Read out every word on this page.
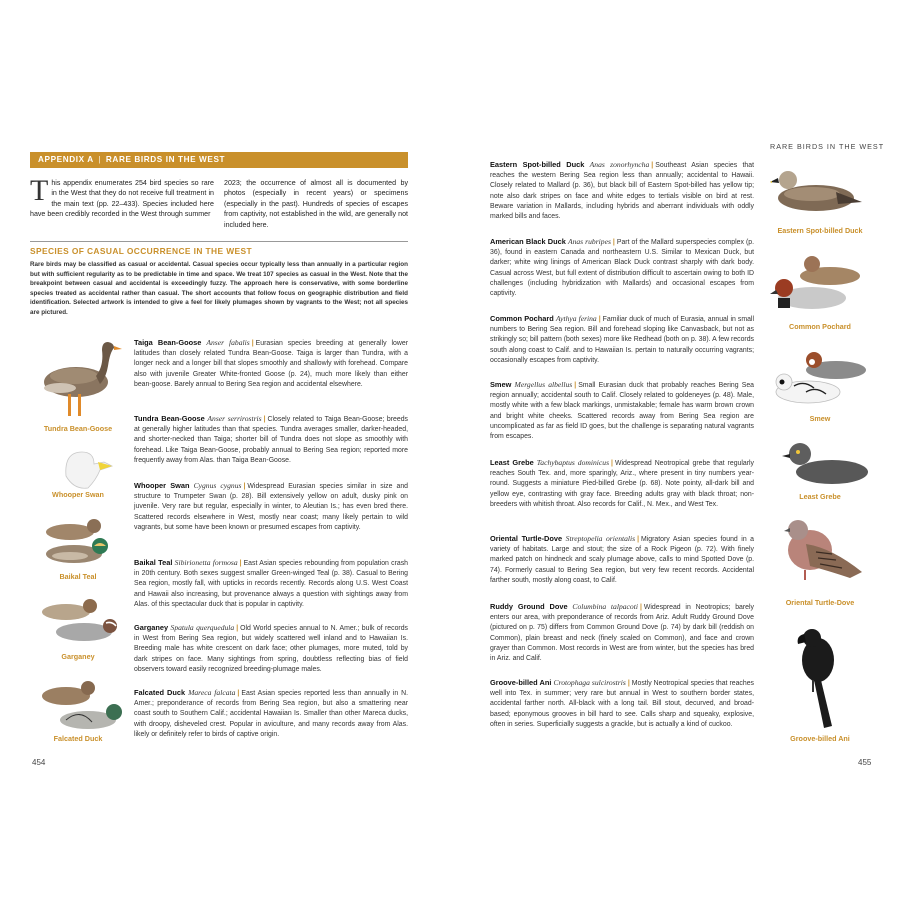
APPENDIX A | RARE BIRDS IN THE WEST
This appendix enumerates 254 bird species so rare in the West that they do not receive full treatment in the main text (pp. 22–433). Species included here have been credibly recorded in the West through summer
2023; the occurrence of almost all is documented by photos (especially in recent years) or specimens (especially in the past). Hundreds of species of escapes from captivity, not established in the wild, are generally not included here.
SPECIES OF CASUAL OCCURRENCE IN THE WEST
Rare birds may be classified as casual or accidental. Casual species occur typically less than annually in a particular region but with sufficient regularity as to be predictable in time and space. We treat 107 species as casual in the West. Note that the breakpoint between casual and accidental is exceedingly fuzzy. The approach here is conservative, with some borderline species treated as accidental rather than casual. The short accounts that follow focus on geographic distribution and field identification. Selected artwork is intended to give a feel for likely plumages shown by vagrants to the West; not all species are pictured.
Taiga Bean-Goose Anser fabalis | Eurasian species breeding at generally lower latitudes than closely related Tundra Bean-Goose. Taiga is larger than Tundra, with a longer neck and a longer bill that slopes smoothly and shallowly with forehead. Compare also with juvenile Greater White-fronted Goose (p. 24), much more likely than either bean-goose. Barely annual to Bering Sea region and accidental elsewhere.
Tundra Bean-Goose Anser serrirostris | Closely related to Taiga Bean-Goose; breeds at generally higher latitudes than that species. Tundra averages smaller, darker-headed, and shorter-necked than Taiga; shorter bill of Tundra does not slope as smoothly with forehead. Like Taiga Bean-Goose, probably annual to Bering Sea region; reported more frequently away from Alas. than Taiga Bean-Goose.
Whooper Swan Cygnus cygnus | Widespread Eurasian species similar in size and structure to Trumpeter Swan (p. 28). Bill extensively yellow on adult, dusky pink on juvenile. Very rare but regular, especially in winter, to Aleutian Is.; has even bred there. Scattered records elsewhere in West, mostly near coast; many likely pertain to wild vagrants, but some have been known or presumed escapes from captivity.
Baikal Teal Sibirionetta formosa | East Asian species rebounding from population crash in 20th century. Both sexes suggest smaller Green-winged Teal (p. 38). Casual to Bering Sea region, mostly fall, with upticks in records recently. Records along U.S. West Coast and Hawaii also increasing, but provenance always a question with sightings away from Alas. of this spectacular duck that is popular in captivity.
Garganey Spatula querquedula | Old World species annual to N. Amer.; bulk of records in West from Bering Sea region, but widely scattered well inland and to Hawaiian Is. Breeding male has white crescent on dark face; other plumages, more muted, told by dark stripes on face. Many sightings from spring, doubtless reflecting bias of field observers toward easily recognized breeding-plumage males.
Falcated Duck Mareca falcata | East Asian species reported less than annually in N. Amer.; preponderance of records from Bering Sea region, but also a smattering near coast south to Southern Calif.; accidental Hawaiian Is. Smaller than other Mareca ducks, with droopy, disheveled crest. Popular in aviculture, and many records away from Alas. likely or definitely refer to birds of captive origin.
Tundra Bean-Goose
Whooper Swan
Baikal Teal
Garganey
Falcated Duck
454
RARE BIRDS IN THE WEST
Eastern Spot-billed Duck Anas zonorhyncha | Southeast Asian species that reaches the western Bering Sea region less than annually; accidental to Hawaii. Closely related to Mallard (p. 36), but black bill of Eastern Spot-billed has yellow tip; note also dark stripes on face and white edges to tertials visible on bird at rest. Beware variation in Mallards, including hybrids and aberrant individuals with oddly marked bills and faces.
American Black Duck Anas rubripes | Part of the Mallard superspecies complex (p. 36), found in eastern Canada and northeastern U.S. Similar to Mexican Duck, but darker; white wing linings of American Black Duck contrast sharply with dark body. Casual across West, but full extent of distribution difficult to ascertain owing to both ID challenges (including hybridization with Mallards) and occasional escapes from captivity.
Common Pochard Aythya ferina | Familiar duck of much of Eurasia, annual in small numbers to Bering Sea region. Bill and forehead sloping like Canvasback, but not as strikingly so; bill pattern (both sexes) more like Redhead (both on p. 38). A few records south along coast to Calif. and to Hawaiian Is. pertain to naturally occurring vagrants; occasionally escapes from captivity.
Smew Mergellus albellus | Small Eurasian duck that probably reaches Bering Sea region annually; accidental south to Calif. Closely related to goldeneyes (p. 48). Male, mostly white with a few black markings, unmistakable; female has warm brown crown and bright white cheeks. Scattered records away from Bering Sea region are uncomplicated as far as field ID goes, but the challenge is separating natural vagrants from escapes.
Least Grebe Tachybaptus dominicus | Widespread Neotropical grebe that regularly reaches South Tex. and, more sparingly, Ariz., where present in tiny numbers year-round. Suggests a miniature Pied-billed Grebe (p. 68). Note pointy, all-dark bill and yellow eye, contrasting with gray face. Breeding adults gray with black throat; non-breeders with whitish throat. Also records for Calif., N. Mex., and West Tex.
Oriental Turtle-Dove Streptopelia orientalis | Migratory Asian species found in a variety of habitats. Large and stout; the size of a Rock Pigeon (p. 72). With finely marked patch on hindneck and scaly plumage above, calls to mind Spotted Dove (p. 74). Formerly casual to Bering Sea region, but very few recent records. Accidental farther south, mostly along coast, to Calif.
Ruddy Ground Dove Columbina talpacoti | Widespread in Neotropics; barely enters our area, with preponderance of records from Ariz. Adult Ruddy Ground Dove (pictured on p. 75) differs from Common Ground Dove (p. 74) by dark bill (reddish on Common), plain breast and neck (finely scaled on Common), and face and crown grayer than Common. Most records in West are from winter, but the species has bred in Ariz. and Calif.
Groove-billed Ani Crotophaga sulcirostris | Mostly Neotropical species that reaches well into Tex. in summer; very rare but annual in West to southern border states, accidental farther north. All-black with a long tail. Bill stout, decurved, and broad-based; eponymous grooves in bill hard to see. Calls sharp and squeaky, explosive, often in series. Superficially suggests a grackle, but is actually a kind of cuckoo.
Eastern Spot-billed Duck
Common Pochard
Smew
Least Grebe
Oriental Turtle-Dove
Groove-billed Ani
455
